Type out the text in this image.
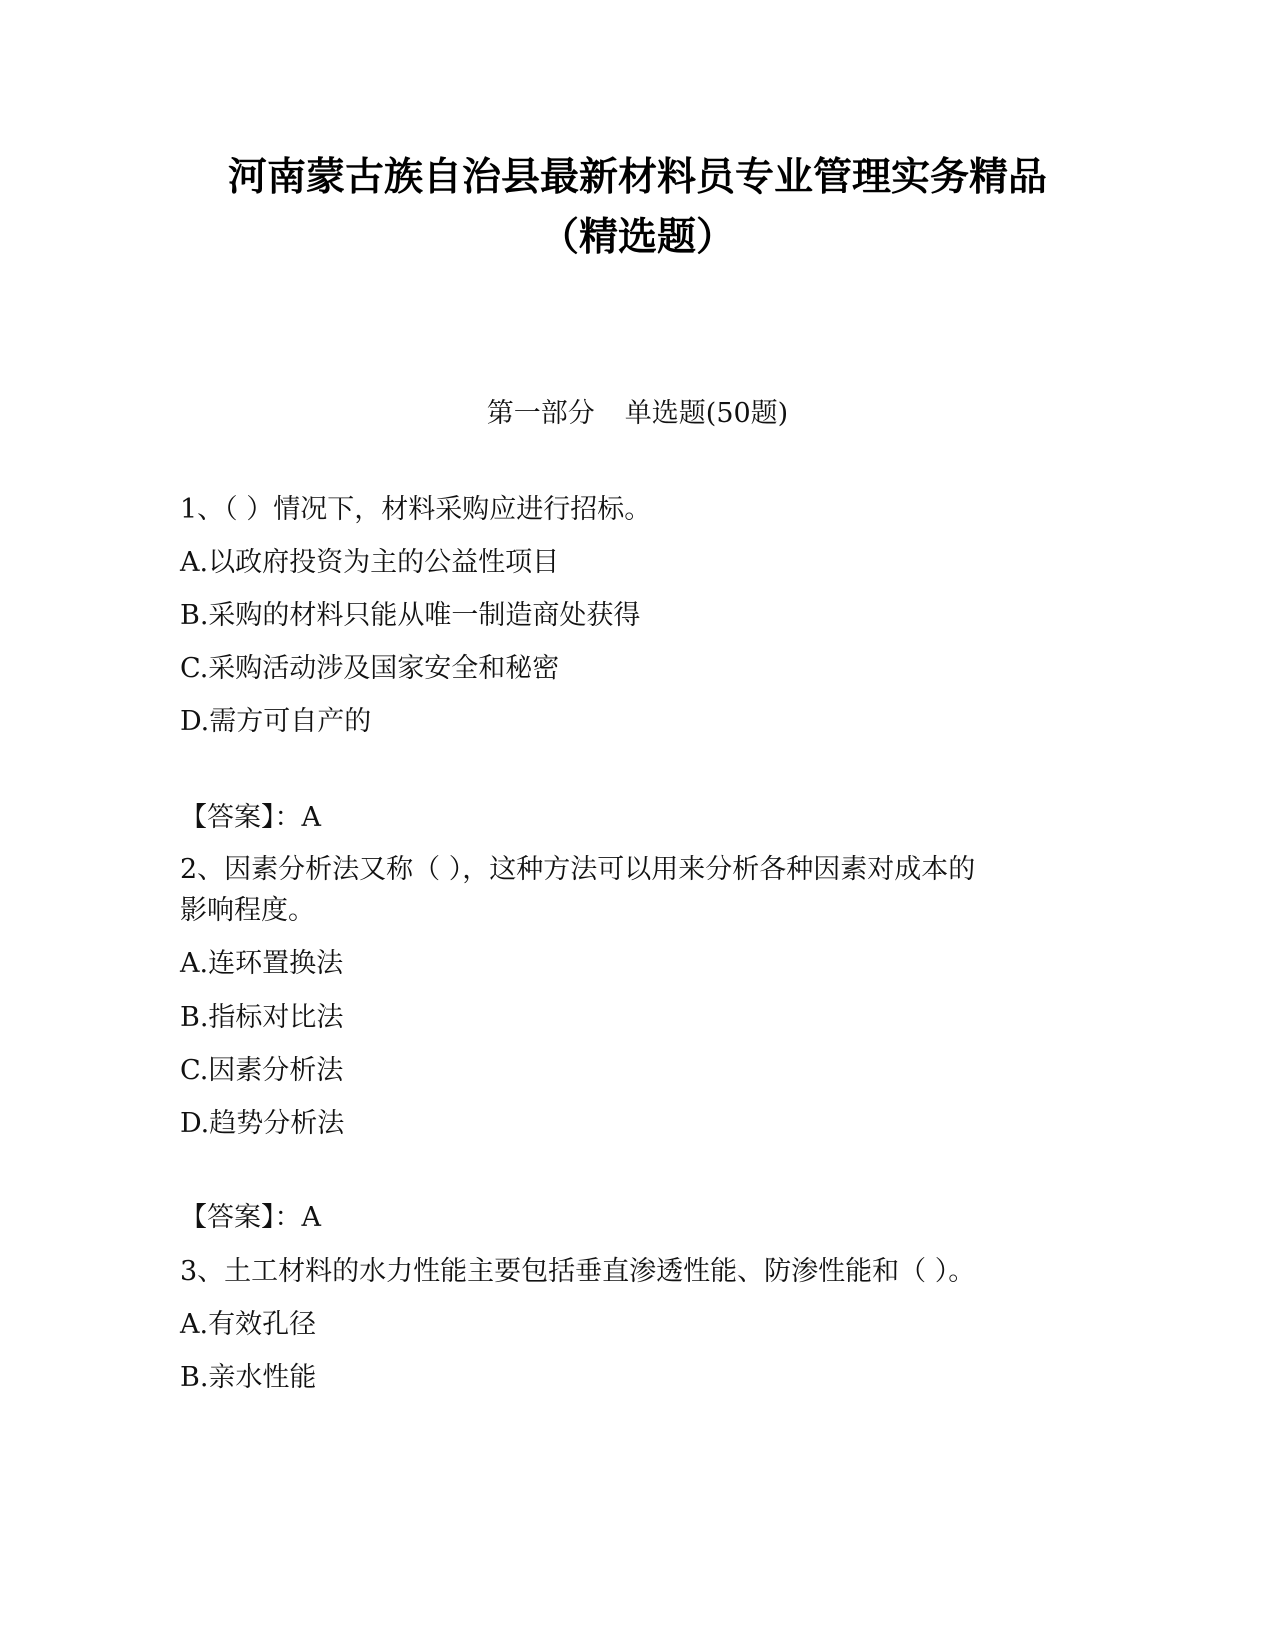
河南蒙古族自治县最新材料员专业管理实务精品
（精选题）
第一部分 单选题(50题)
1、（ ）情况下，材料采购应进行招标。
A.以政府投资为主的公益性项目
B.采购的材料只能从唯一制造商处获得
C.采购活动涉及国家安全和秘密
D.需方可自产的
【答案】：A
2、因素分析法又称（ ），这种方法可以用来分析各种因素对成本的
影响程度。
A.连环置换法
B.指标对比法
C.因素分析法
D.趋势分析法
【答案】：A
3、土工材料的水力性能主要包括垂直渗透性能、防渗性能和（ ）。
A.有效孔径
B.亲水性能
